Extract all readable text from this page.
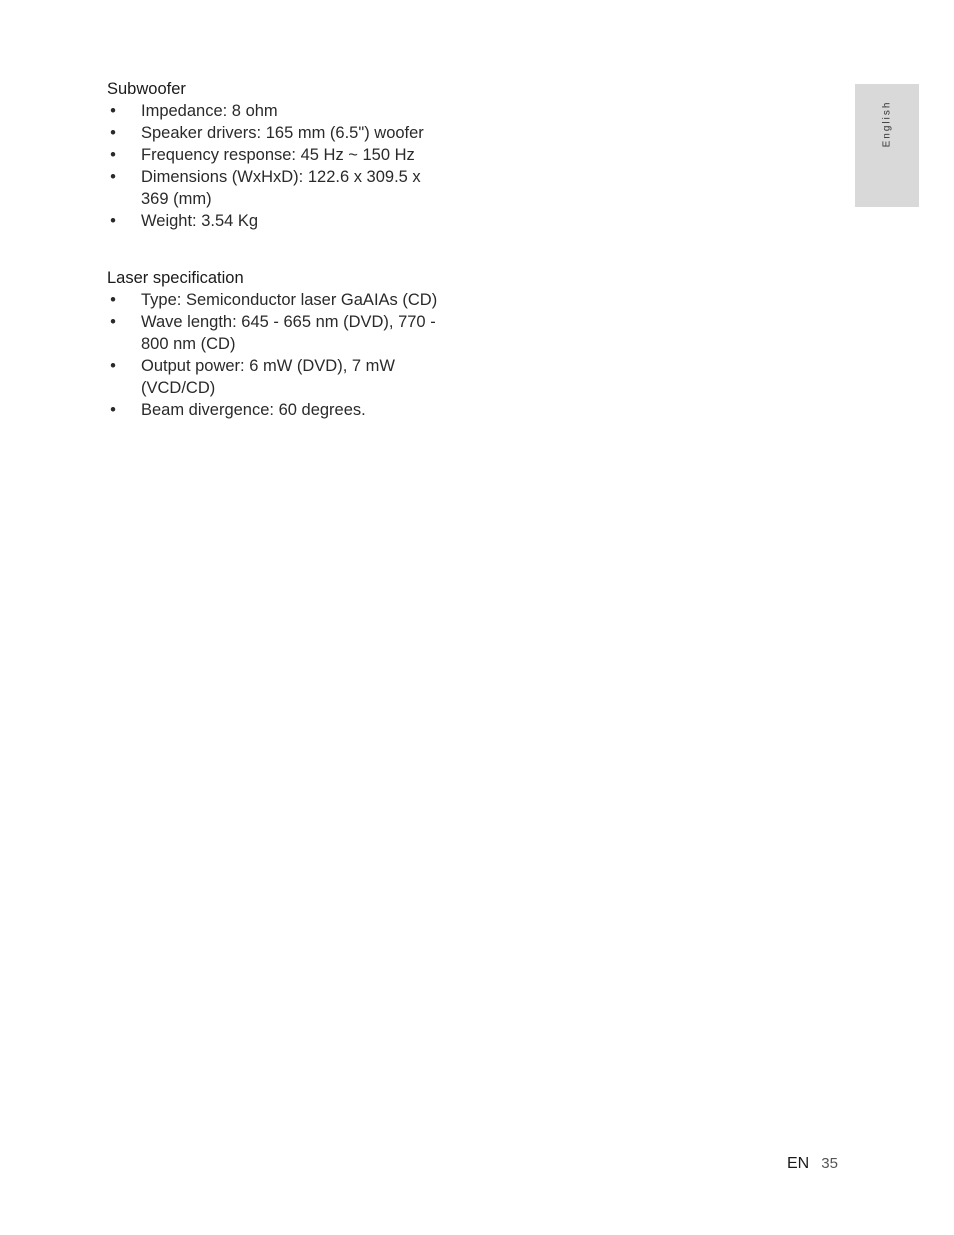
Subwoofer
• Impedance: 8 ohm
• Speaker drivers: 165 mm (6.5") woofer
• Frequency response: 45 Hz ~ 150 Hz
• Dimensions (WxHxD): 122.6 x 309.5 x 369 (mm)
• Weight: 3.54 Kg
Laser specification
• Type: Semiconductor laser GaAIAs (CD)
• Wave length: 645 - 665 nm (DVD), 770 - 800 nm (CD)
• Output power: 6 mW (DVD), 7 mW (VCD/CD)
• Beam divergence: 60 degrees.
English
EN 35
